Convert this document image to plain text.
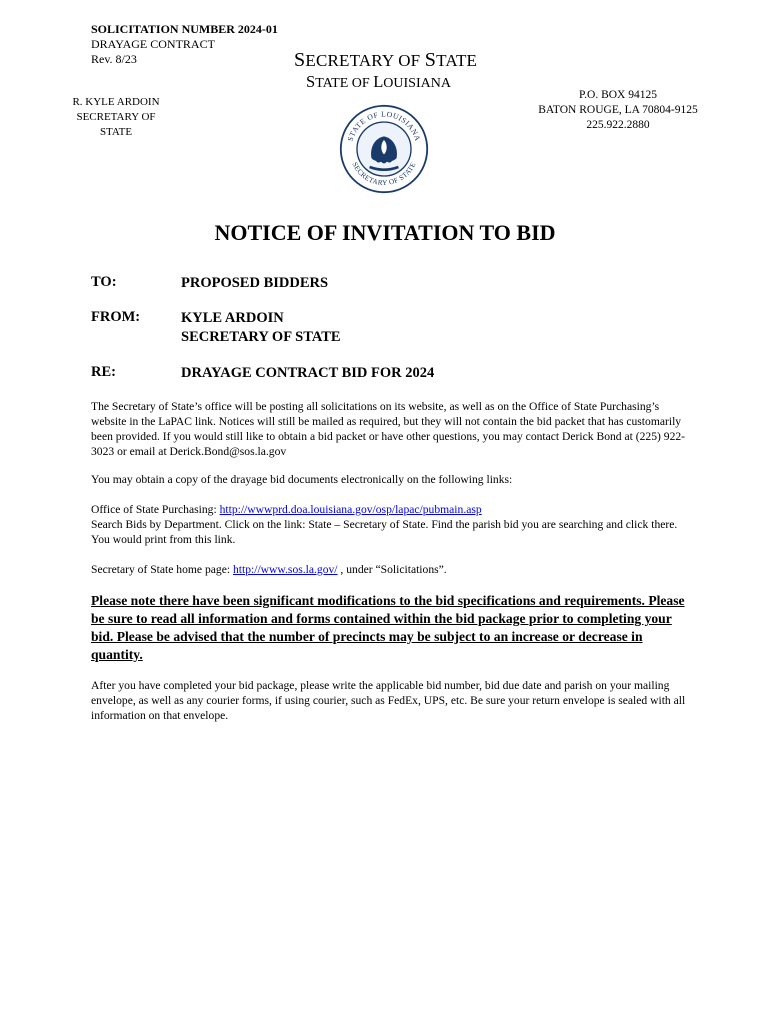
SOLICITATION NUMBER 2024-01
DRAYAGE CONTRACT
Rev. 8/23	SECRETARY OF STATE
STATE OF LOUISIANA
R. KYLE ARDOIN
SECRETARY OF STATE
P.O. BOX 94125
BATON ROUGE, LA 70804-9125
225.922.2880
STATE OF LOUISIANA
SECRETARY OF STATE
NOTICE OF INVITATION TO BID
TO:	PROPOSED BIDDERS
FROM:	KYLE ARDOIN
SECRETARY OF STATE
RE:	DRAYAGE CONTRACT BID FOR 2024
The Secretary of State’s office will be posting all solicitations on its website, as well as on the Office of State Purchasing’s website in the LaPAC link. Notices will still be mailed as required, but they will not contain the bid packet that has customarily been provided. If you would still like to obtain a bid packet or have other questions, you may contact Derick Bond at (225) 922-3023 or email at Derick.Bond@sos.la.gov
You may obtain a copy of the drayage bid documents electronically on the following links:
Office of State Purchasing: http://wwwprd.doa.louisiana.gov/osp/lapac/pubmain.asp
Search Bids by Department. Click on the link: State – Secretary of State. Find the parish bid you are searching and click there. You would print from this link.
Secretary of State home page: http://www.sos.la.gov/ , under “Solicitations”.
Please note there have been significant modifications to the bid specifications and requirements. Please be sure to read all information and forms contained within the bid package prior to completing your bid. Please be advised that the number of precincts may be subject to an increase or decrease in quantity.
After you have completed your bid package, please write the applicable bid number, bid due date and parish on your mailing envelope, as well as any courier forms, if using courier, such as FedEx, UPS, etc. Be sure your return envelope is sealed with all information on that envelope.
